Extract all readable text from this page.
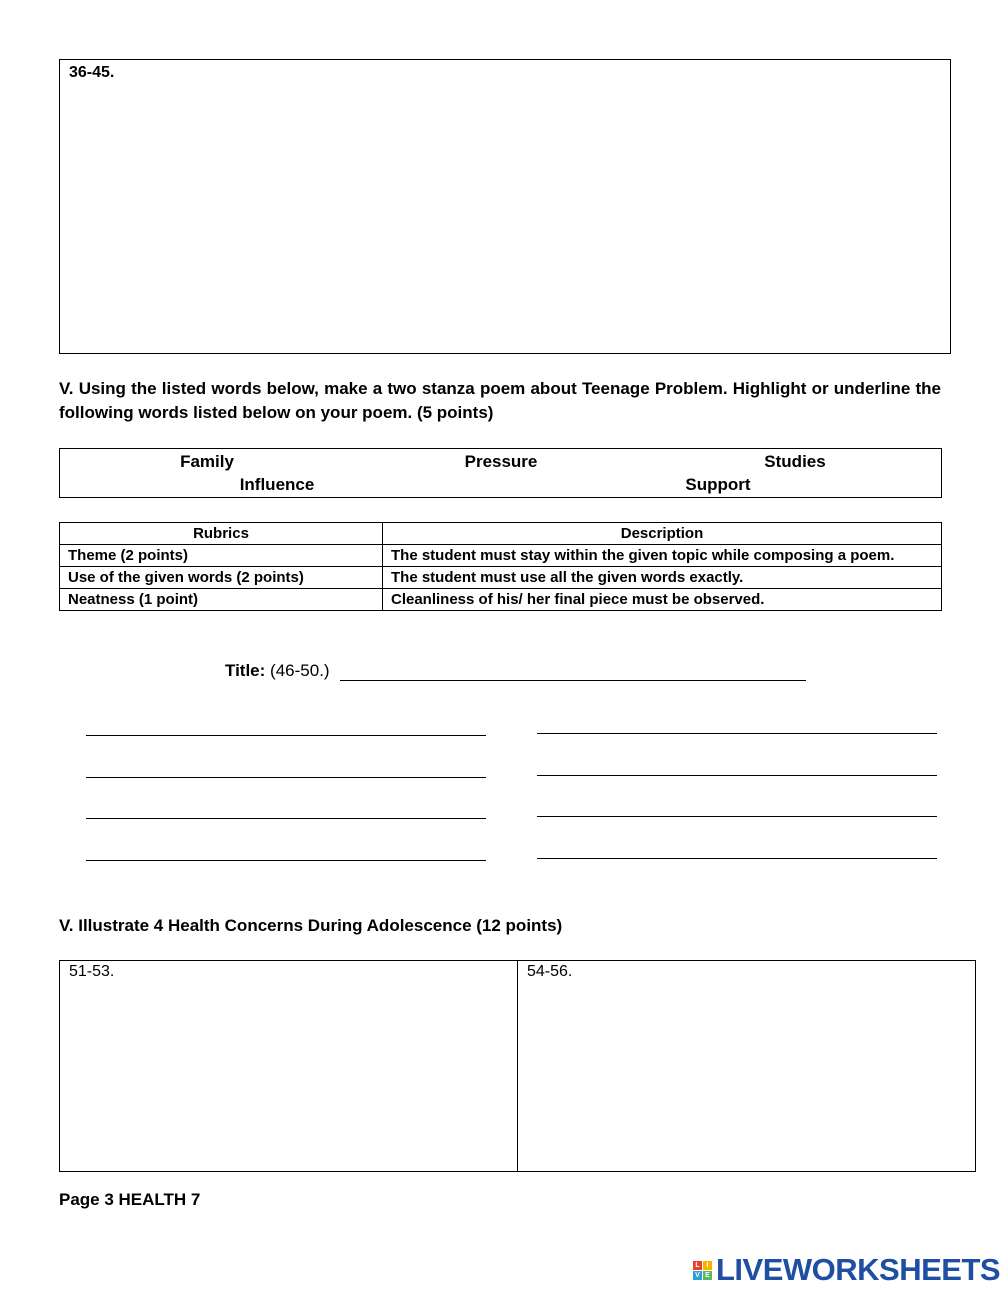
36-45.
V. Using the listed words below, make a two stanza poem about Teenage Problem. Highlight or underline the following words listed below on your poem. (5 points)
Family	Pressure	Studies
Influence	Support
Rubrics	Description
Theme (2 points)	The student must stay within the given topic while composing a poem.
Use of the given words (2 points)	The student must use all the given words exactly.
Neatness (1 point)	Cleanliness of his/ her final piece must be observed.
Title: (46-50.)
V. Illustrate 4 Health Concerns During Adolescence (12 points)
51-53.	54-56.
Page 3 HEALTH 7
L I
V E LIVEWORKSHEETS
